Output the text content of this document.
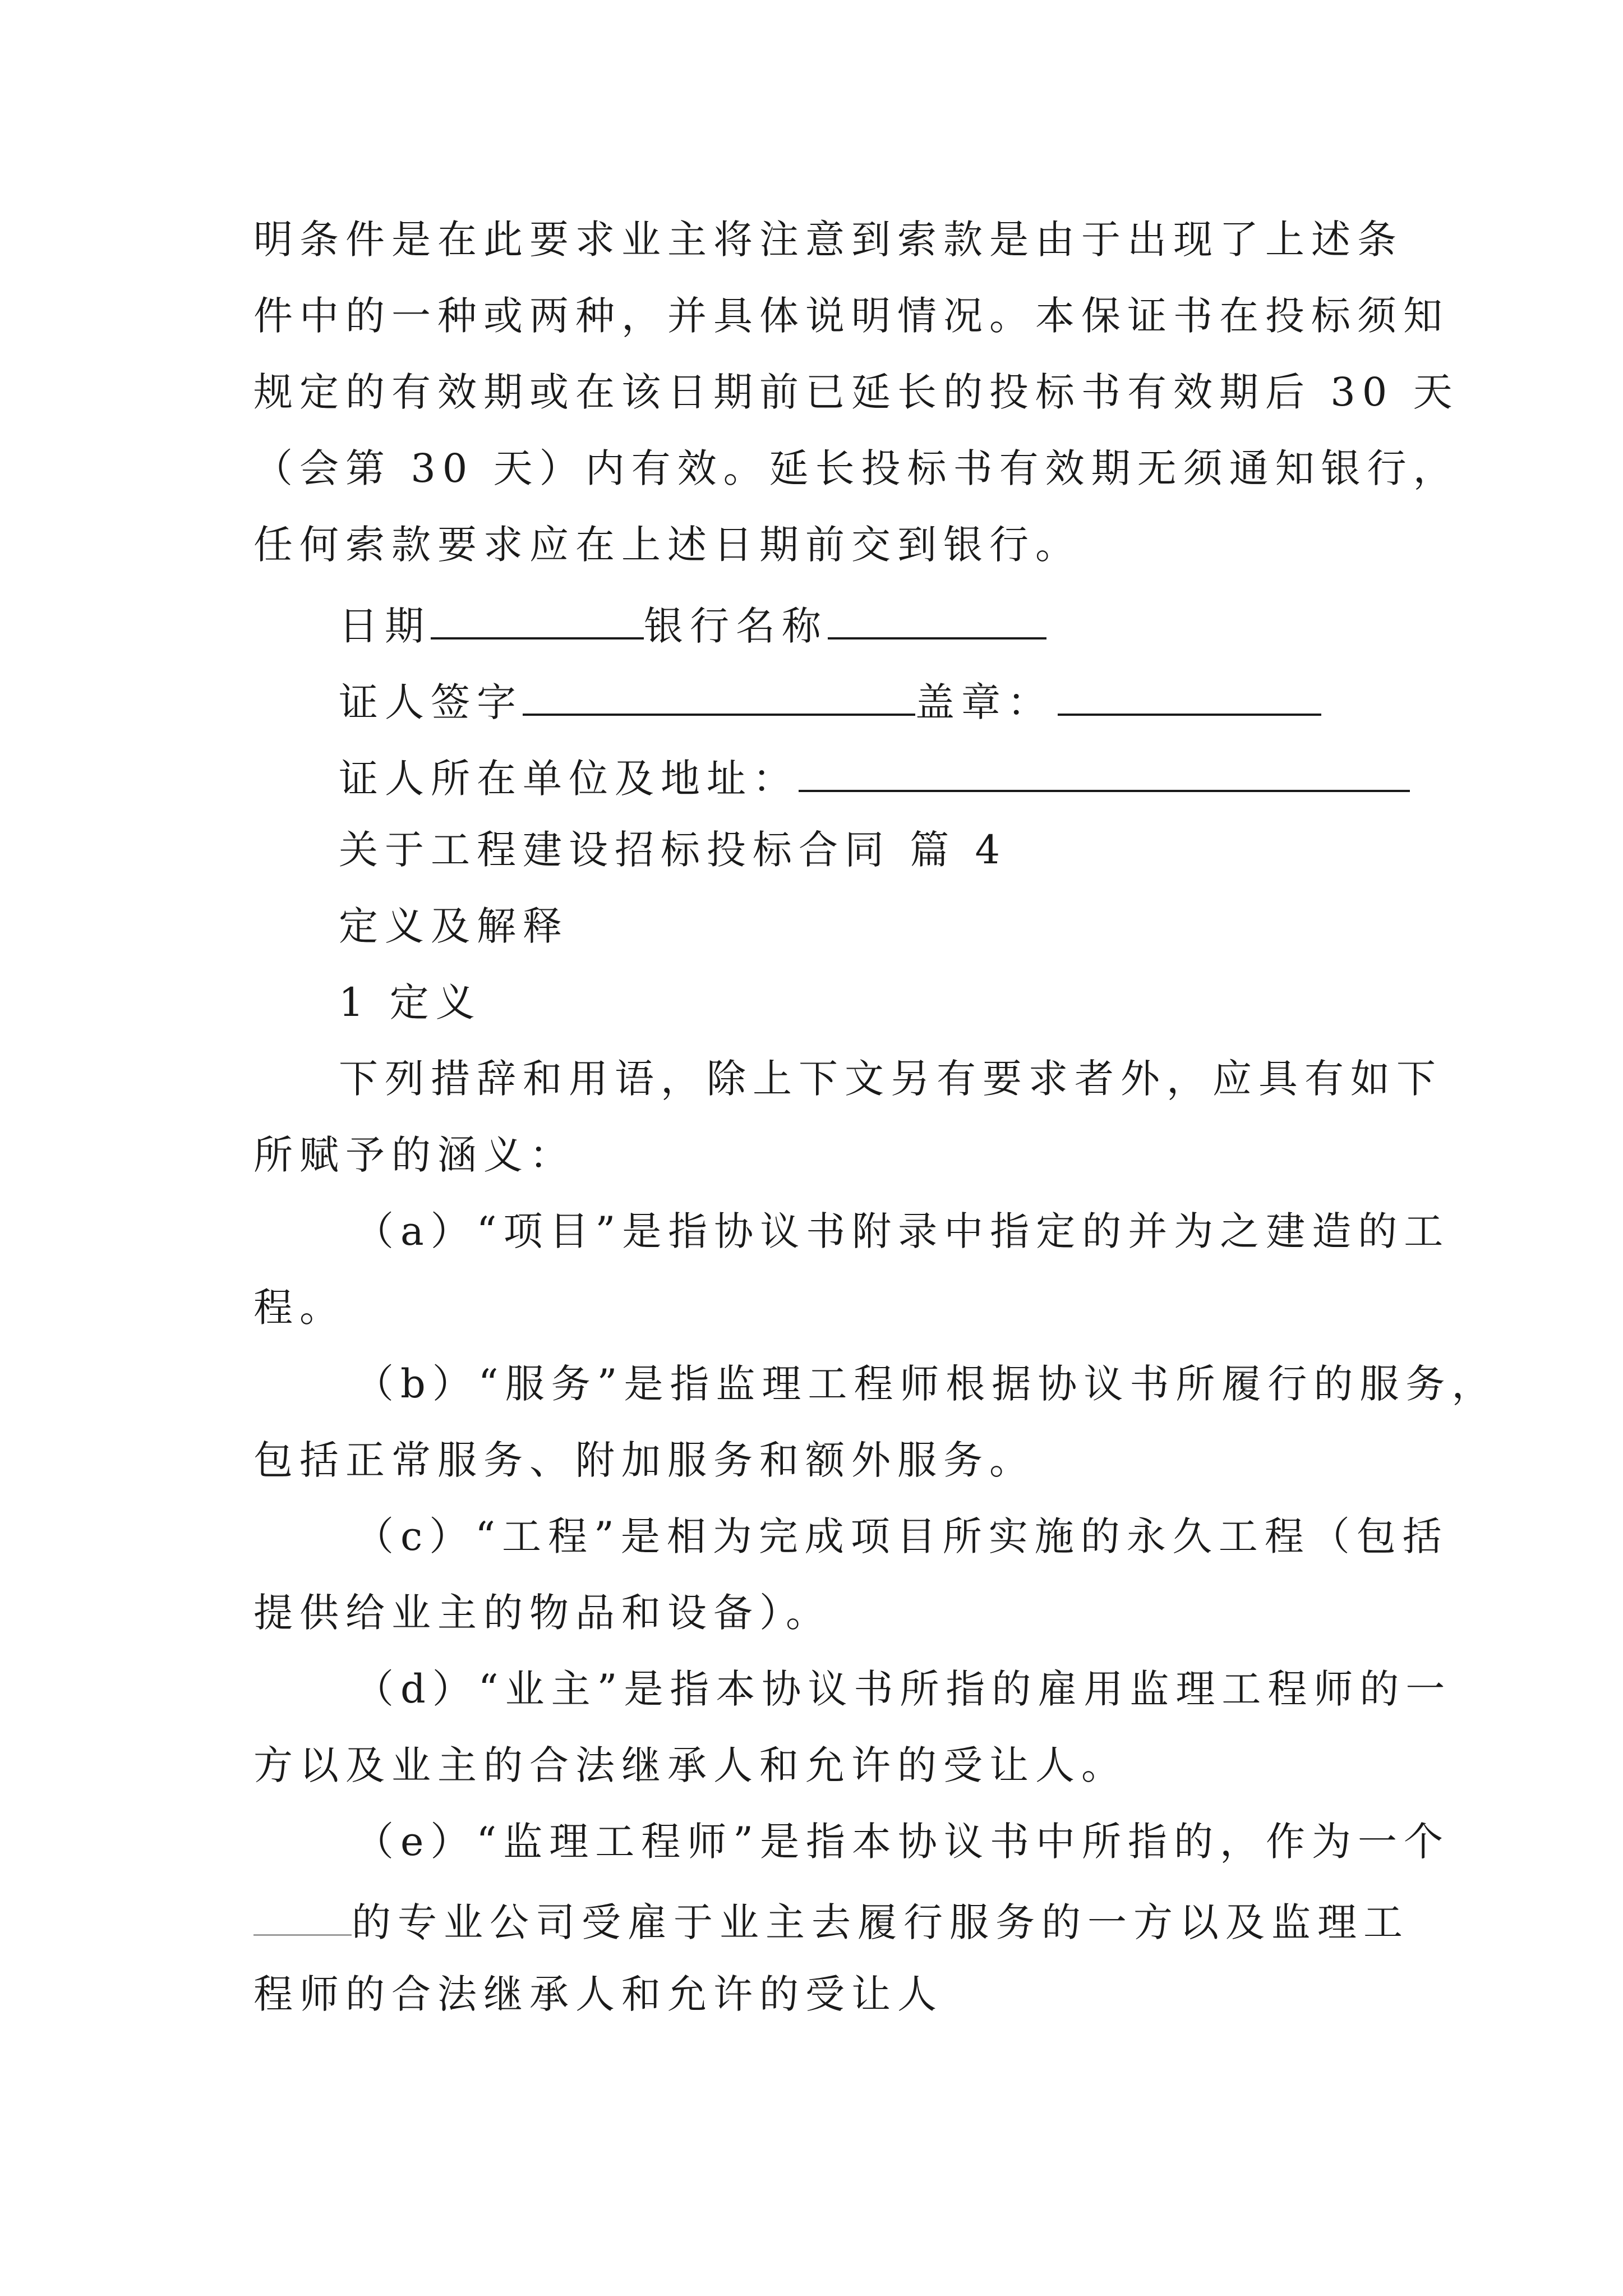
明条件是在此要求业主将注意到索款是由于出现了上述条
件中的一种或两种，并具体说明情况。本保证书在投标须知
规定的有效期或在该日期前已延长的投标书有效期后 30 天
（会第 30 天）内有效。延长投标书有效期无须通知银行，
任何索款要求应在上述日期前交到银行。
日期	银行名称
证人签字	盖章：
证人所在单位及地址：
关于工程建设招标投标合同 篇 4
定义及解释
1 定义
下列措辞和用语，除上下文另有要求者外，应具有如下
所赋予的涵义：
（a）“项目”是指协议书附录中指定的并为之建造的工
程。
（b）“服务”是指监理工程师根据协议书所履行的服务，
包括正常服务、附加服务和额外服务。
（c）“工程”是相为完成项目所实施的永久工程（包括
提供给业主的物品和设备）。
（d）“业主”是指本协议书所指的雇用监理工程师的一
方以及业主的合法继承人和允许的受让人。
（e）“监理工程师”是指本协议书中所指的，作为一个
的专业公司受雇于业主去履行服务的一方以及监理工
程师的合法继承人和允许的受让人
